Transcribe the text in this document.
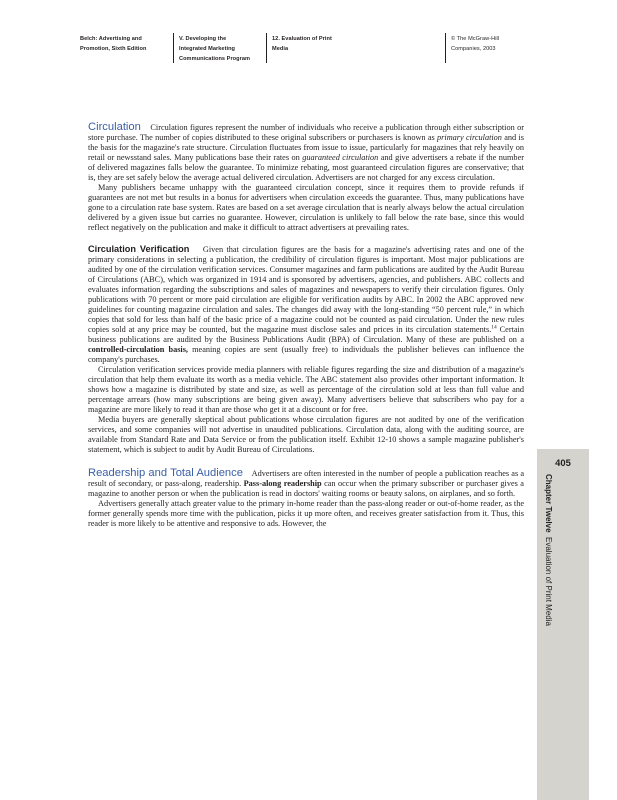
Belch: Advertising and
Promotion, Sixth Edition
V. Developing the
Integrated Marketing
Communications Program
12. Evaluation of Print
Media
© The McGraw-Hill
Companies, 2003

Circulation Circulation figures represent the number of individuals who receive a publication through either subscription or store purchase. The number of copies distributed to these original subscribers or purchasers is known as primary circulation and is the basis for the magazine's rate structure. Circulation fluctuates from issue to issue, particularly for magazines that rely heavily on retail or newsstand sales. Many publications base their rates on guaranteed circulation and give advertisers a rebate if the number of delivered magazines falls below the guarantee. To minimize rebating, most guaranteed circulation figures are conservative; that is, they are set safely below the average actual delivered circulation. Advertisers are not charged for any excess circulation.

Many publishers became unhappy with the guaranteed circulation concept, since it requires them to provide refunds if guarantees are not met but results in a bonus for advertisers when circulation exceeds the guarantee. Thus, many publications have gone to a circulation rate base system. Rates are based on a set average circulation that is nearly always below the actual circulation delivered by a given issue but carries no guarantee. However, circulation is unlikely to fall below the rate base, since this would reflect negatively on the publication and make it difficult to attract advertisers at prevailing rates.

Circulation Verification Given that circulation figures are the basis for a magazine's advertising rates and one of the primary considerations in selecting a publication, the credibility of circulation figures is important. Most major publications are audited by one of the circulation verification services. Consumer magazines and farm publications are audited by the Audit Bureau of Circulations (ABC), which was organized in 1914 and is sponsored by advertisers, agencies, and publishers. ABC collects and evaluates information regarding the subscriptions and sales of magazines and newspapers to verify their circulation figures. Only publications with 70 percent or more paid circulation are eligible for verification audits by ABC. In 2002 the ABC approved new guidelines for counting magazine circulation and sales. The changes did away with the long-standing “50 percent rule,” in which copies that sold for less than half of the basic price of a magazine could not be counted as paid circulation. Under the new rules copies sold at any price may be counted, but the magazine must disclose sales and prices in its circulation statements.$^{14}$ Certain business publications are audited by the Business Publications Audit (BPA) of Circulation. Many of these are published on a controlled-circulation basis, meaning copies are sent (usually free) to individuals the publisher believes can influence the company's purchases.

Circulation verification services provide media planners with reliable figures regarding the size and distribution of a magazine's circulation that help them evaluate its worth as a media vehicle. The ABC statement also provides other important information. It shows how a magazine is distributed by state and size, as well as percentage of the circulation sold at less than full value and percentage arrears (how many subscriptions are being given away). Many advertisers believe that subscribers who pay for a magazine are more likely to read it than are those who get it at a discount or for free.

Media buyers are generally skeptical about publications whose circulation figures are not audited by one of the verification services, and some companies will not advertise in unaudited publications. Circulation data, along with the auditing source, are available from Standard Rate and Data Service or from the publication itself. Exhibit 12-10 shows a sample magazine publisher's statement, which is subject to audit by Audit Bureau of Circulations.

Readership and Total Audience Advertisers are often interested in the number of people a publication reaches as a result of secondary, or pass-along, readership. Pass-along readership can occur when the primary subscriber or purchaser gives a magazine to another person or when the publication is read in doctors' waiting rooms or beauty salons, on airplanes, and so forth.

Advertisers generally attach greater value to the primary in-home reader than the pass-along reader or out-of-home reader, as the former generally spends more time with the publication, picks it up more often, and receives greater satisfaction from it. Thus, this reader is more likely to be attentive and responsive to ads. However, the

405
Chapter Twelve  Evaluation of Print Media
